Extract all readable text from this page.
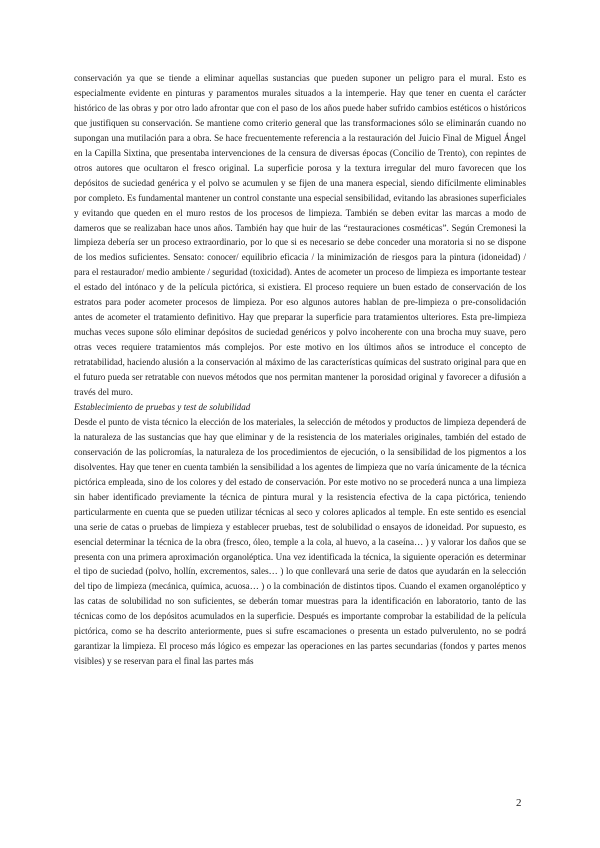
conservación ya que se tiende a eliminar aquellas sustancias que pueden suponer un peligro para el mural. Esto es especialmente evidente en pinturas y paramentos murales situados a la intemperie. Hay que tener en cuenta el carácter histórico de las obras y por otro lado afrontar que con el paso de los años puede haber sufrido cambios estéticos o históricos que justifiquen su conservación. Se mantiene como criterio general que las transformaciones sólo se eliminarán cuando no supongan una mutilación para a obra. Se hace frecuentemente referencia a la restauración del Juicio Final de Miguel Ángel en la Capilla Sixtina, que presentaba intervenciones de la censura de diversas épocas (Concilio de Trento), con repintes de otros autores que ocultaron el fresco original. La superficie porosa y la textura irregular del muro favorecen que los depósitos de suciedad genérica y el polvo se acumulen y se fijen de una manera especial, siendo difícilmente eliminables por completo. Es fundamental mantener un control constante una especial sensibilidad, evitando las abrasiones superficiales y evitando que queden en el muro restos de los procesos de limpieza. También se deben evitar las marcas a modo de dameros que se realizaban hace unos años. También hay que huir de las “restauraciones cosméticas”. Según Cremonesi la limpieza debería ser un proceso extraordinario, por lo que si es necesario se debe conceder una moratoria si no se dispone de los medios suficientes. Sensato: conocer/ equilibrio eficacia / la minimización de riesgos para la pintura (idoneidad) / para el restaurador/ medio ambiente / seguridad (toxicidad). Antes de acometer un proceso de limpieza es importante testear el estado del intónaco y de la película pictórica, si existiera. El proceso requiere un buen estado de conservación de los estratos para poder acometer procesos de limpieza. Por eso algunos autores hablan de pre-limpieza o pre-consolidación antes de acometer el tratamiento definitivo. Hay que preparar la superficie para tratamientos ulteriores. Esta pre-limpieza muchas veces supone sólo eliminar depósitos de suciedad genéricos y polvo incoherente con una brocha muy suave, pero otras veces requiere tratamientos más complejos. Por este motivo en los últimos años se introduce el concepto de retratabilidad, haciendo alusión a la conservación al máximo de las características químicas del sustrato original para que en el futuro pueda ser retratable con nuevos métodos que nos permitan mantener la porosidad original y favorecer a difusión a través del muro.

Establecimiento de pruebas y test de solubilidad

Desde el punto de vista técnico la elección de los materiales, la selección de métodos y productos de limpieza dependerá de la naturaleza de las sustancias que hay que eliminar y de la resistencia de los materiales originales, también del estado de conservación de las policromías, la naturaleza de los procedimientos de ejecución, o la sensibilidad de los pigmentos a los disolventes. Hay que tener en cuenta también la sensibilidad a los agentes de limpieza que no varía únicamente de la técnica pictórica empleada, sino de los colores y del estado de conservación. Por este motivo no se procederá nunca a una limpieza sin haber identificado previamente la técnica de pintura mural y la resistencia efectiva de la capa pictórica, teniendo particularmente en cuenta que se pueden utilizar técnicas al seco y colores aplicados al temple. En este sentido es esencial una serie de catas o pruebas de limpieza y establecer pruebas, test de solubilidad o ensayos de idoneidad. Por supuesto, es esencial determinar la técnica de la obra (fresco, óleo, temple a la cola, al huevo, a la caseína… ) y valorar los daños que se presenta con una primera aproximación organoléptica. Una vez identificada la técnica, la siguiente operación es determinar el tipo de suciedad (polvo, hollín, excrementos, sales… ) lo que conllevará una serie de datos que ayudarán en la selección del tipo de limpieza (mecánica, química, acuosa… ) o la combinación de distintos tipos. Cuando el examen organoléptico y las catas de solubilidad no son suficientes, se deberán tomar muestras para la identificación en laboratorio, tanto de las técnicas como de los depósitos acumulados en la superficie. Después es importante comprobar la estabilidad de la película pictórica, como se ha descrito anteriormente, pues si sufre escamaciones o presenta un estado pulverulento, no se podrá garantizar la limpieza. El proceso más lógico es empezar las operaciones en las partes secundarias (fondos y partes menos visibles) y se reservan para el final las partes más

2
